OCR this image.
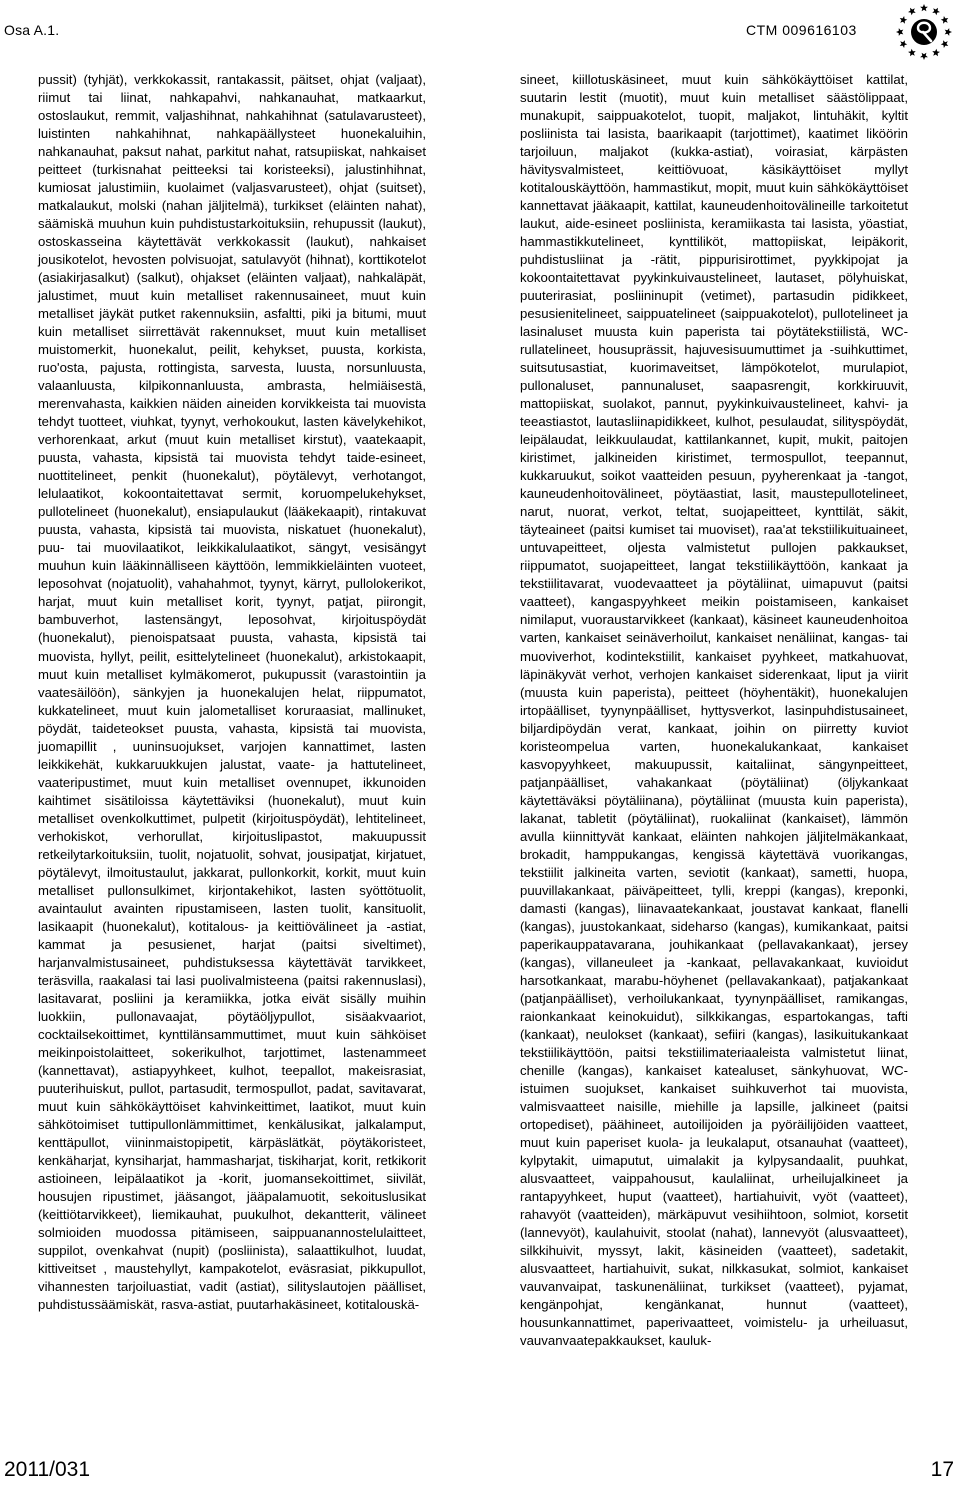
Osa A.1.	CTM 009616103
pussit) (tyhjät), verkkokassit, rantakassit, päitset, ohjat (valjaat), riimut tai liinat, nahkapahvi, nahkanauhat, matkaarkut, ostoslaukut, remmit, valjashihnat, nahkahihnat (satulavarusteet), luistinten nahkahihnat, nahkapäällysteet huonekaluihin, nahkanauhat, paksut nahat, parkitut nahat, ratsupiiskat, nahkaiset peitteet (turkisnahat peitteeksi tai koristeeksi), jalustinhihnat, kumiosat jalustimiin, kuolaimet (valjasvarusteet), ohjat (suitset), matkalaukut, molski (nahan jäljitelmä), turkikset (eläinten nahat), säämiskä muuhun kuin puhdistustarkoituksiin, rehupussit (laukut), ostoskasseina käytettävät verkkokassit (laukut), nahkaiset jousikotelot, hevosten polvisuojat, satulavyöt (hihnat), korttikotelot (asiakirjasalkut) (salkut), ohjakset (eläinten valjaat), nahkaläpät, jalustimet, muut kuin metalliset rakennusaineet, muut kuin metalliset jäykät putket rakennuksiin, asfaltti, piki ja bitumi, muut kuin metalliset siirrettävät rakennukset, muut kuin metalliset muistomerkit, huonekalut, peilit, kehykset, puusta, korkista, ruo'osta, pajusta, rottingista, sarvesta, luusta, norsunluusta, valaanluusta, kilpikonnanluusta, ambrasta, helmiäisestä, merenvahasta, kaikkien näiden aineiden korvikkeista tai muovista tehdyt tuotteet, viuhkat, tyynyt, verhokoukut, lasten kävelykehikot, verhorenkaat, arkut (muut kuin metalliset kirstut), vaatekaapit, puusta, vahasta, kipsistä tai muovista tehdyt taide-esineet, nuottitelineet, penkit (huonekalut), pöytälevyt, verhotangot, lelulaatikot, kokoontaitettavat sermit, koruompelukehykset, pullotelineet (huonekalut), ensiapulaukut (lääkekaapit), rintakuvat puusta, vahasta, kipsistä tai muovista, niskatuet (huonekalut), puu- tai muovilaatikot, leikkikalulaatikot, sängyt, vesisängyt muuhun kuin lääkinnälliseen käyttöön, lemmikkieläinten vuoteet, leposohvat (nojatuolit), vahahahmot, tyynyt, kärryt, pullolokerikot, harjat, muut kuin metalliset korit, tyynyt, patjat, piirongit, bambuverhot, lastensängyt, leposohvat, kirjoituspöydät (huonekalut), pienoispatsaat puusta, vahasta, kipsistä tai muovista, hyllyt, peilit, esittelytelineet (huonekalut), arkistokaapit, muut kuin metalliset kylmäkomerot, pukupussit (varastointiin ja vaatesäilöön), sänkyjen ja huonekalujen helat, riippumatot, kukkatelineet, muut kuin jalometalliset koruraasiat, mallinuket, pöydät, taideteokset puusta, vahasta, kipsistä tai muovista, juomapillit , uuninsuojukset, varjojen kannattimet, lasten leikkikehät, kukkaruukkujen jalustat, vaate- ja hattutelineet, vaateripustimet, muut kuin metalliset ovennupet, ikkunoiden kaihtimet sisätiloissa käytettäviksi (huonekalut), muut kuin metalliset ovenkolkuttimet, pulpetit (kirjoituspöydät), lehtitelineet, verhokiskot, verhorullat, kirjoituslipastot, makuupussit retkeilytarkoituksiin, tuolit, nojatuolit, sohvat, jousipatjat, kirjatuet, pöytälevyt, ilmoitustaulut, jakkarat, pullonkorkit, korkit, muut kuin metalliset pullonsulkimet, kirjontakehikot, lasten syöttötuolit, avaintaulut avainten ripustamiseen, lasten tuolit, kansituolit, lasikaapit (huonekalut), kotitalous- ja keittiövälineet ja -astiat, kammat ja pesusienet, harjat (paitsi siveltimet), harjanvalmistusaineet, puhdistuksessa käytettävät tarvikkeet, teräsvilla, raakalasi tai lasi puolivalmisteena (paitsi rakennuslasi), lasitavarat, posliini ja keramiikka, jotka eivät sisälly muihin luokkiin, pullonavaajat, pöytäöljypullot, sisäakvaariot, cocktailsekoittimet, kynttilänsammuttimet, muut kuin sähköiset meikinpoistolaitteet, sokerikulhot, tarjottimet, lastenammeet (kannettavat), astiapyyhkeet, kulhot, teepallot, makeisrasiat, puuterihuiskut, pullot, partasudit, termospullot, padat, savitavarat, muut kuin sähkökäyttöiset kahvinkeittimet, laatikot, muut kuin sähkötoimiset tuttipullonlämmittimet, kenkälusikat, jalkalamput, kenttäpullot, viininmaistopipetit, kärpäslätkät, pöytäkoristeet, kenkäharjat, kynsiharjat, hammasharjat, tiskiharjat, korit, retkikorit astioineen, leipälaatikot ja -korit, juomansekoittimet, siivilät, housujen ripustimet, jääsangot, jääpalamuotit, sekoituslusikat (keittiötarvikkeet), liemikauhat, puukulhot, dekantterit, välineet solmioiden muodossa pitämiseen, saippuanannostelulaitteet, suppilot, ovenkahvat (nupit) (posliinista), salaattikulhot, luudat, kittiveitset , maustehyllyt, kampakotelot, eväsrasiat, pikkupullot, vihannesten tarjoiluastiat, vadit (astiat), silityslautojen päälliset, puhdistussäämiskät, rasva-astiat, puutarhakäsineet, kotitalouskä-
sineet, kiillotuskäsineet, muut kuin sähkökäyttöiset kattilat, suutarin lestit (muotit), muut kuin metalliset säästölippaat, munakupit, saippuakotelot, tuopit, maljakot, lintuhäkit, kyltit posliinista tai lasista, baarikaapit (tarjottimet), kaatimet liköörin tarjoiluun, maljakot (kukka-astiat), voirasiat, kärpästen hävitysvalmisteet, keittiövuoat, käsikäyttöiset myllyt kotitalouskäyttöön, hammastikut, mopit, muut kuin sähkökäyttöiset kannettavat jääkaapit, kattilat, kauneudenhoitovälineille tarkoitetut laukut, aide-esineet posliinista, keramiikasta tai lasista, yöastiat, hammastikkutelineet, kynttiliköt, mattopiiskat, leipäkorit, puhdistusliinat ja -rätit, pippurisirottimet, pyykkipojat ja kokoontaitettavat pyykinkuivaustelineet, lautaset, pölyhuiskat, puuterirasiat, posliininupit (vetimet), partasudin pidikkeet, pesusienitelineet, saippuatelineet (saippuakotelot), pullotelineet ja lasinaluset muusta kuin paperista tai pöytätekstiilistä, WC-rullatelineet, housuprässit, hajuvesisuumuttimet ja -suihkuttimet, suitsutusastiat, kuorimaveitset, lämpökotelot, murulapiot, pullonaluset, pannunaluset, saapasrengit, korkkiruuvit, mattopiiskat, suolakot, pannut, pyykinkuivaustelineet, kahvi- ja teeastiastot, lautasliinapidikkeet, kulhot, pesulaudat, silityspöydät, leipälaudat, leikkuulaudat, kattilankannet, kupit, mukit, paitojen kiristimet, jalkineiden kiristimet, termospullot, teepannut, kukkaruukut, soikot vaatteiden pesuun, pyyherenkaat ja -tangot, kauneudenhoitovälineet, pöytäastiat, lasit, maustepullotelineet, narut, nuorat, verkot, teltat, suojapeitteet, kynttilät, säkit, täyteaineet (paitsi kumiset tai muoviset), raa'at tekstiilikuituaineet, untuvapeitteet, oljesta valmistetut pullojen pakkaukset, riippumatot, suojapeitteet, langat tekstiilikäyttöön, kankaat ja tekstiilitavarat, vuodevaatteet ja pöytäliinat, uimapuvut (paitsi vaatteet), kangaspyyhkeet meikin poistamiseen, kankaiset nimilaput, vuoraustarvikkeet (kankaat), käsineet kauneudenhoitoa varten, kankaiset seinäverhoilut, kankaiset nenäliinat, kangas- tai muoviverhot, kodintekstiilit, kankaiset pyyhkeet, matkahuovat, läpinäkyvät verhot, verhojen kankaiset siderenkaat, liput ja viirit (muusta kuin paperista), peitteet (höyhentäkit), huonekalujen irtopäälliset, tyynynpäälliset, hyttysverkot, lasinpuhdistusaineet, biljardipöydän verat, kankaat, joihin on piirretty kuviot koristeompelua varten, huonekalukankaat, kankaiset kasvopyyhkeet, makuupussit, kaitaliinat, sängynpeitteet, patjanpäälliset, vahakankaat (pöytäliinat) (öljykankaat käytettäväksi pöytäliinana), pöytäliinat (muusta kuin paperista), lakanat, tabletit (pöytäliinat), ruokaliinat (kankaiset), lämmön avulla kiinnittyvät kankaat, eläinten nahkojen jäljitelmäkankaat, brokadit, hamppukangas, kengissä käytettävä vuorikangas, tekstiilit jalkineita varten, seviotit (kankaat), sametti, huopa, puuvillakankaat, päiväpeitteet, tylli, kreppi (kangas), kreponki, damasti (kangas), liinavaatekankaat, joustavat kankaat, flanelli (kangas), juustokankaat, sideharso (kangas), kumikankaat, paitsi paperikauppatavarana, jouhikankaat (pellavakankaat), jersey (kangas), villaneuleet ja -kankaat, pellavakankaat, kuvioidut harsotkankaat, marabu-höyhenet (pellavakankaat), patjakankaat (patjanpäälliset), verhoilukankaat, tyynynpäälliset, ramikangas, raionkankaat keinokuidut), silkkikangas, espartokangas, tafti (kankaat), neulokset (kankaat), sefiiri (kangas), lasikuitukankaat tekstiilikäyttöön, paitsi tekstiilimateriaaleista valmistetut liinat, chenille (kangas), kankaiset katealuset, sänkyhuovat, WC-istuimen suojukset, kankaiset suihkuverhot tai muovista, valmisvaatteet naisille, miehille ja lapsille, jalkineet (paitsi ortopediset), päähineet, autoilijoiden ja pyöräilijöiden vaatteet, muut kuin paperiset kuola- ja leukalaput, otsanauhat (vaatteet), kylpytakit, uimaputut, uimalakit ja kylpysandaalit, puuhkat, alusvaatteet, vaippahousut, kaulaliinat, urheilujalkineet ja rantapyyhkeet, huput (vaatteet), hartiahuivit, vyöt (vaatteet), rahavyöt (vaatteiden), märkäpuvut vesihiihtoon, solmiot, korsetit (lannevyöt), kaulahuivit, stoolat (nahat), lannevyöt (alusvaatteet), silkkihuivit, myssyt, lakit, käsineiden (vaatteet), sadetakit, alusvaatteet, hartiahuivit, sukat, nilkkasukat, solmiot, kankaiset vauvanvaipat, taskunenäliinat, turkikset (vaatteet), pyjamat, kengänpohjat, kengänkanat, hunnut (vaatteet), housunkannattimet, paperivaatteet, voimistelu- ja urheiluasut, vauvanvaatepakkaukset, kauluk-
2011/031	17
